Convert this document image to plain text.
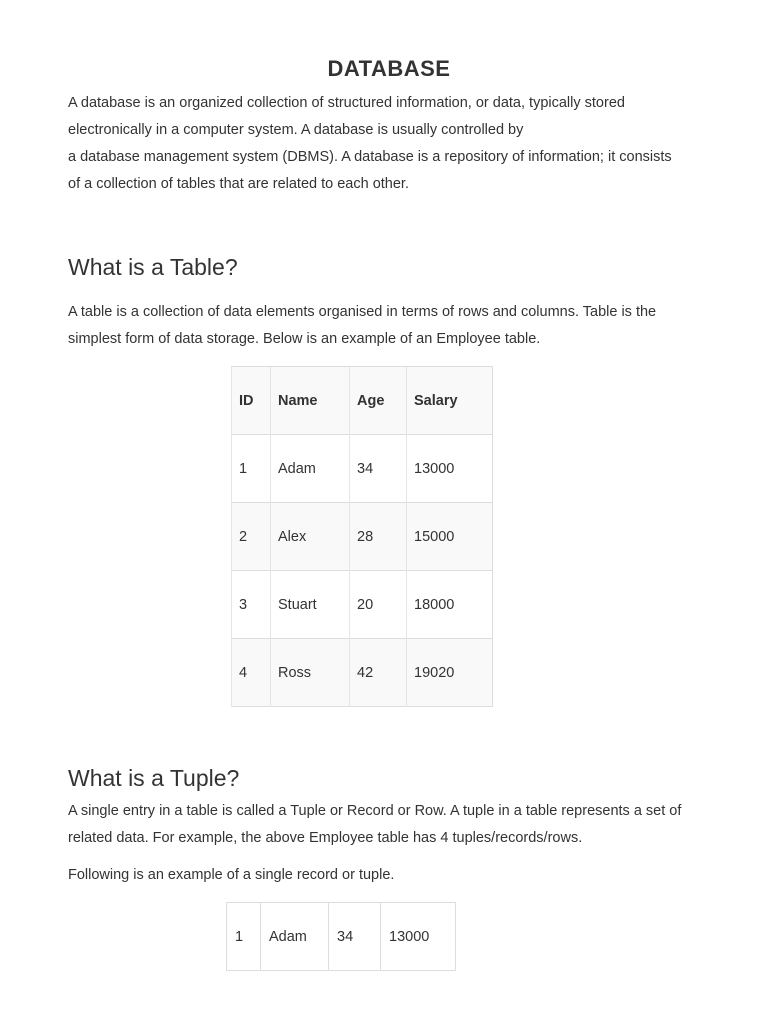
DATABASE

A database is an organized collection of structured information, or data, typically stored
electronically in a computer system. A database is usually controlled by
a database management system (DBMS). A database is a repository of information; it consists
of a collection of tables that are related to each other.

What is a Table?

A table is a collection of data elements organised in terms of rows and columns. Table is the
simplest form of data storage. Below is an example of an Employee table.

ID	Name	Age	Salary
1	Adam	34	13000
2	Alex	28	15000
3	Stuart	20	18000
4	Ross	42	19020
What is a Tuple?

A single entry in a table is called a Tuple or Record or Row. A tuple in a table represents a set of
related data. For example, the above Employee table has 4 tuples/records/rows.

Following is an example of a single record or tuple.

1	Adam	34	13000
